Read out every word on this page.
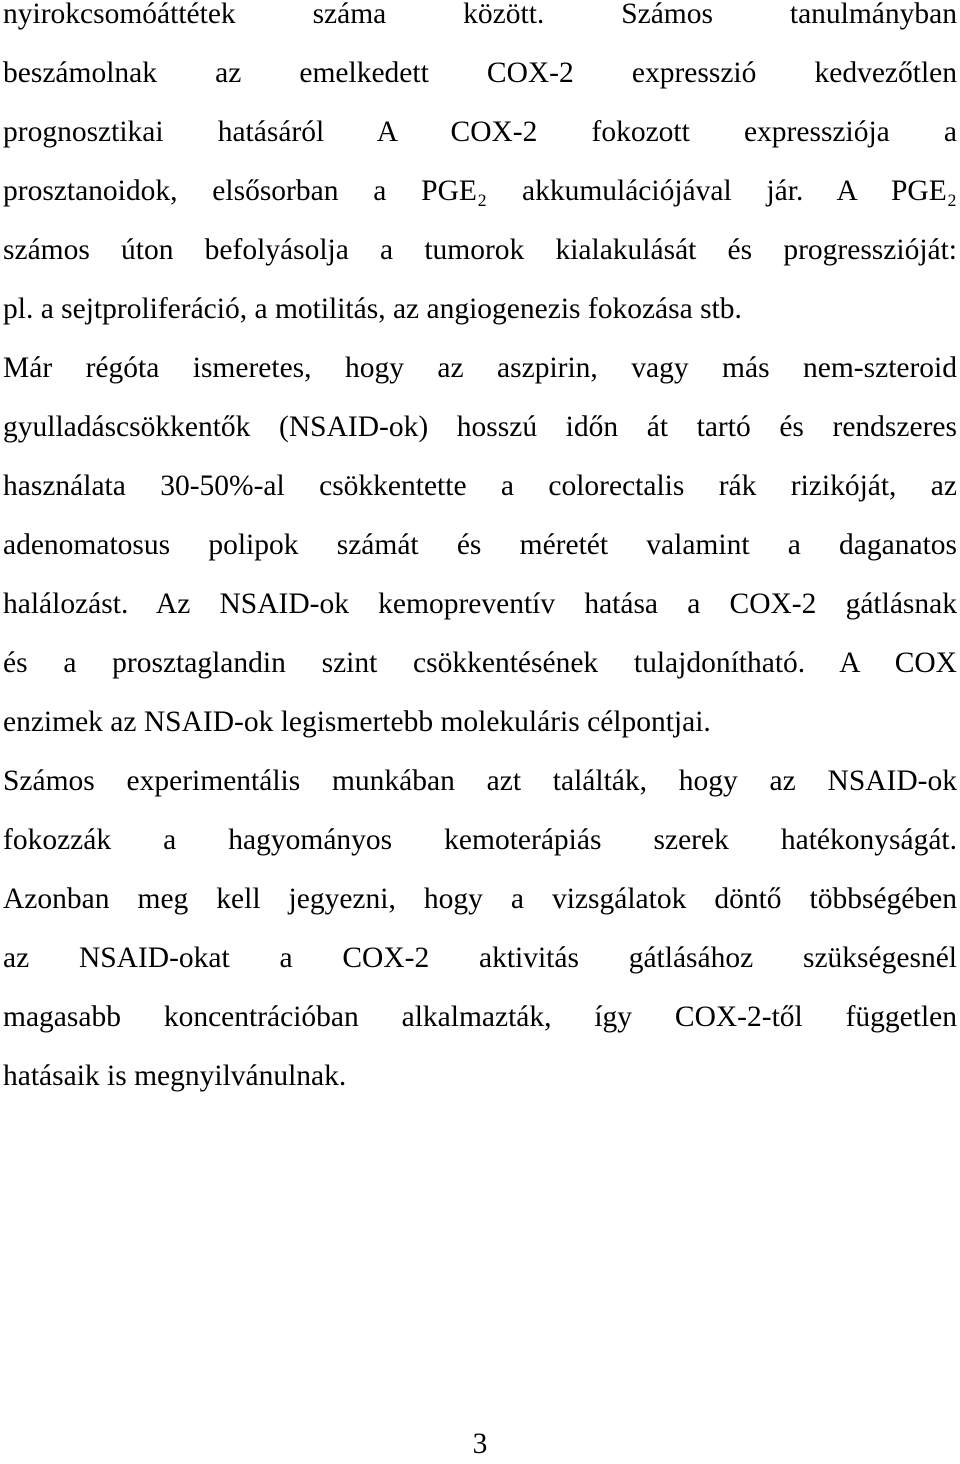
nyirokcsomóáttétek száma között. Számos tanulmányban
beszámolnak az emelkedett COX-2 expresszió kedvezőtlen
prognosztikai hatásáról A COX-2 fokozott expressziója a
prosztanoidok, elsősorban a PGE₂ akkumulációjával jár. A PGE₂
számos úton befolyásolja a tumorok kialakulását és progresszióját:
pl. a sejtproliferáció, a motilitás, az angiogenezis fokozása stb.
Már régóta ismeretes, hogy az aszpirin, vagy más nem-szteroid
gyulladáscsökkentők (NSAID-ok) hosszú időn át tartó és rendszeres
használata 30-50%-al csökkentette a colorectalis rák rizikóját, az
adenomatosus polipok számát és méretét valamint a daganatos
halálozást. Az NSAID-ok kemopreventív hatása a COX-2 gátlásnak
és a prosztaglandin szint csökkentésének tulajdonítható. A COX
enzimek az NSAID-ok legismertebb molekuláris célpontjai.
Számos experimentális munkában azt találták, hogy az NSAID-ok
fokozzák a hagyományos kemoterápiás szerek hatékonyságát.
Azonban meg kell jegyezni, hogy a vizsgálatok döntő többségében
az NSAID-okat a COX-2 aktivitás gátlásához szükségesnél
magasabb koncentrációban alkalmazták, így COX-2-től független
hatásaik is megnyilvánulnak.
3
